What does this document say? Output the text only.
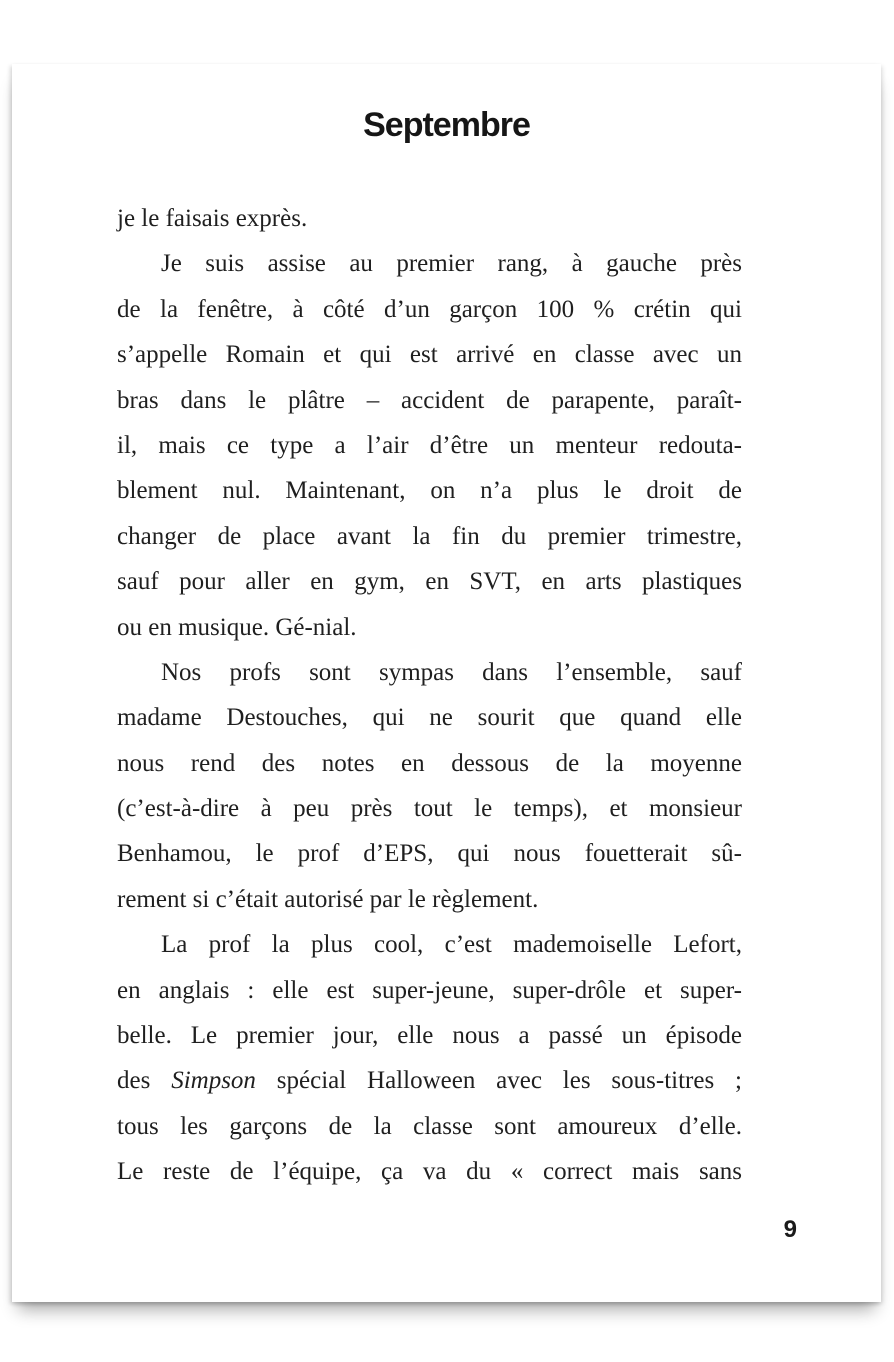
Septembre
je le faisais exprès.
Je suis assise au premier rang, à gauche près
de la fenêtre, à côté d’un garçon 100 % crétin qui
s’appelle Romain et qui est arrivé en classe avec un
bras dans le plâtre – accident de parapente, paraît-
il, mais ce type a l’air d’être un menteur redouta-
blement nul. Maintenant, on n’a plus le droit de
changer de place avant la fin du premier trimestre,
sauf pour aller en gym, en SVT, en arts plastiques
ou en musique. Gé-nial.
Nos profs sont sympas dans l’ensemble, sauf
madame Destouches, qui ne sourit que quand elle
nous rend des notes en dessous de la moyenne
(c’est-à-dire à peu près tout le temps), et monsieur
Benhamou, le prof d’EPS, qui nous fouetterait sû-
rement si c’était autorisé par le règlement.
La prof la plus cool, c’est mademoiselle Lefort,
en anglais : elle est super-jeune, super-drôle et super-
belle. Le premier jour, elle nous a passé un épisode
des Simpson spécial Halloween avec les sous-titres ;
tous les garçons de la classe sont amoureux d’elle.
Le reste de l’équipe, ça va du « correct mais sans
9
